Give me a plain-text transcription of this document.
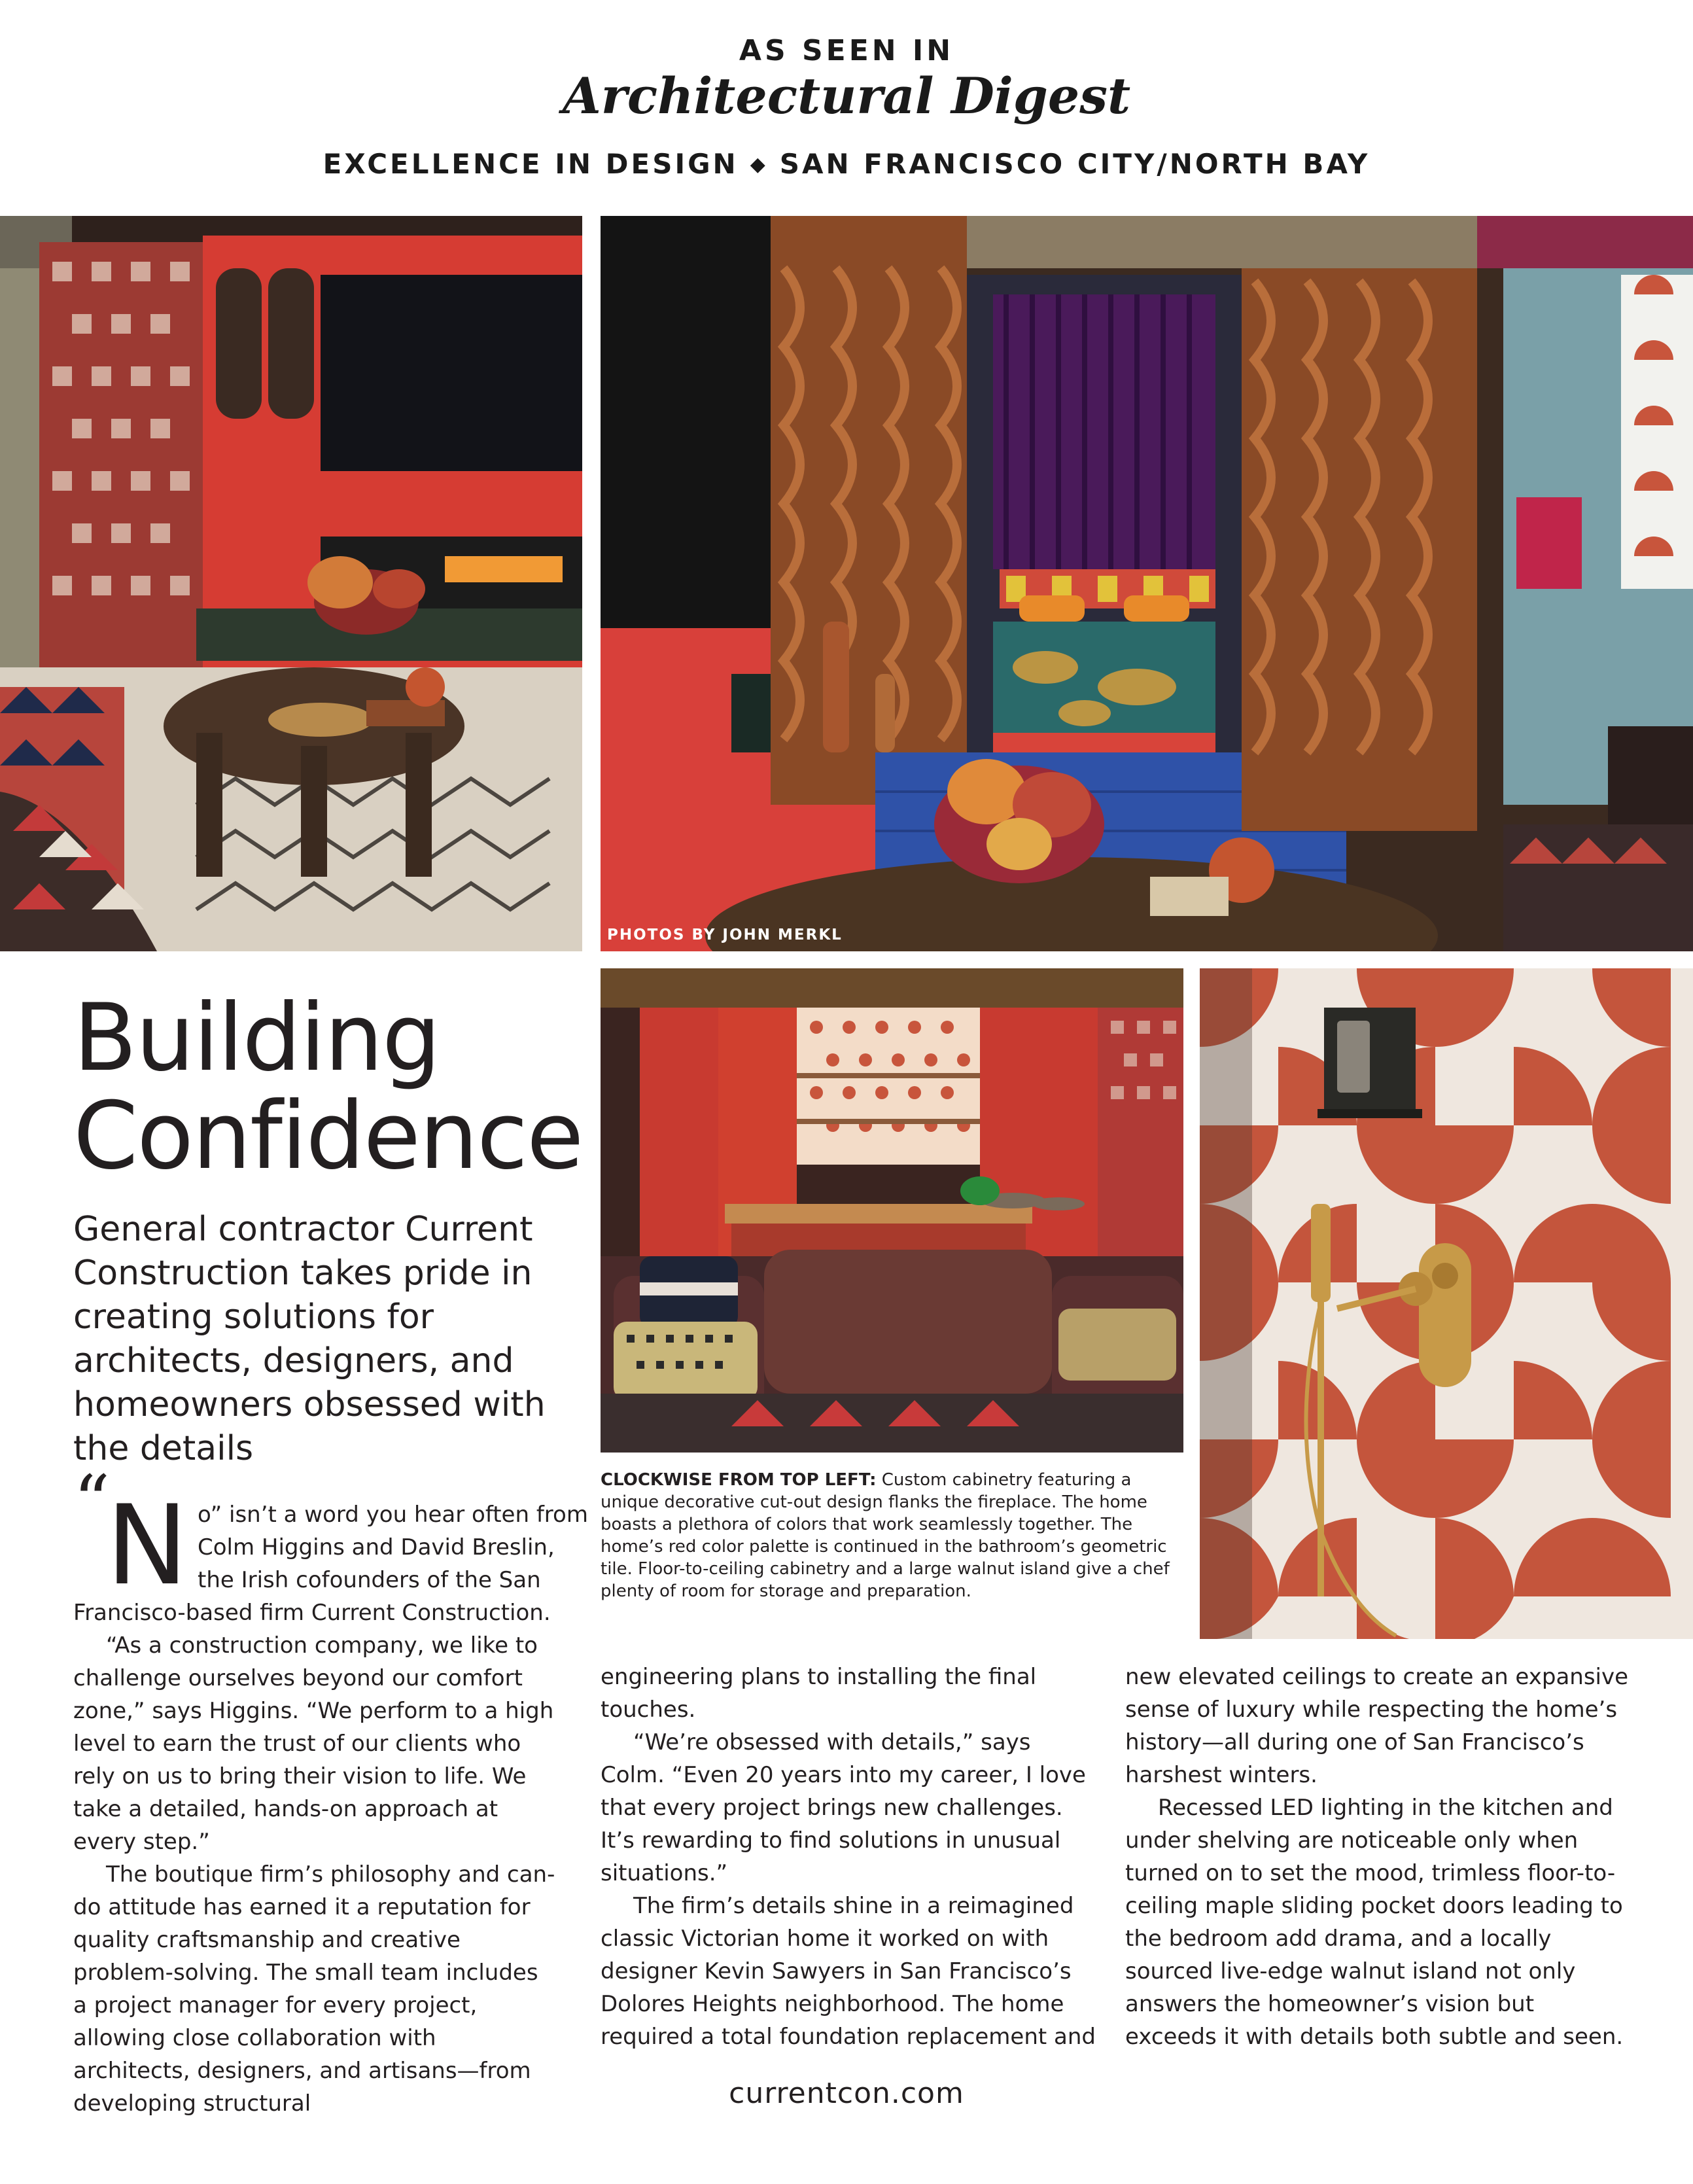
AS SEEN IN
Architectural Digest
EXCELLENCE IN DESIGN ◆ SAN FRANCISCO CITY/NORTH BAY
PHOTOS BY JOHN MERKL
Building
Confidence
General contractor Current Construction takes pride in creating solutions for architects, designers, and homeowners obsessed with the details
CLOCKWISE FROM TOP LEFT: Custom cabinetry featuring a unique decorative cut-out design flanks the fireplace. The home boasts a plethora of colors that work seamlessly together. The home’s red color palette is continued in the bathroom’s geometric tile. Floor-to-ceiling cabinetry and a large walnut island give a chef plenty of room for storage and preparation.
“
N o” isn’t a word you hear often from
Colm Higgins and David Breslin,
the Irish cofounders of the San
Francisco-based firm Current Construction.

“As a construction company, we like to challenge ourselves beyond our comfort zone,” says Higgins. “We perform to a high level to earn the trust of our clients who rely on us to bring their vision to life. We take a detailed, hands-on approach at every step.”

The boutique firm’s philosophy and can-do attitude has earned it a reputation for quality craftsmanship and creative problem-solving. The small team includes a project manager for every project, allowing close collaboration with architects, designers, and artisans—from developing structural

engineering plans to installing the final touches.

“We’re obsessed with details,” says Colm. “Even 20 years into my career, I love that every project brings new challenges. It’s rewarding to find solutions in unusual situations.”

The firm’s details shine in a reimagined classic Victorian home it worked on with designer Kevin Sawyers in San Francisco’s Dolores Heights neighborhood. The home required a total foundation replacement and

new elevated ceilings to create an expansive sense of luxury while respecting the home’s history—all during one of San Francisco’s harshest winters.

Recessed LED lighting in the kitchen and under shelving are noticeable only when turned on to set the mood, trimless floor-to-ceiling maple sliding pocket doors leading to the bedroom add drama, and a locally sourced live-edge walnut island not only answers the homeowner’s vision but exceeds it with details both subtle and seen.

currentcon.com
